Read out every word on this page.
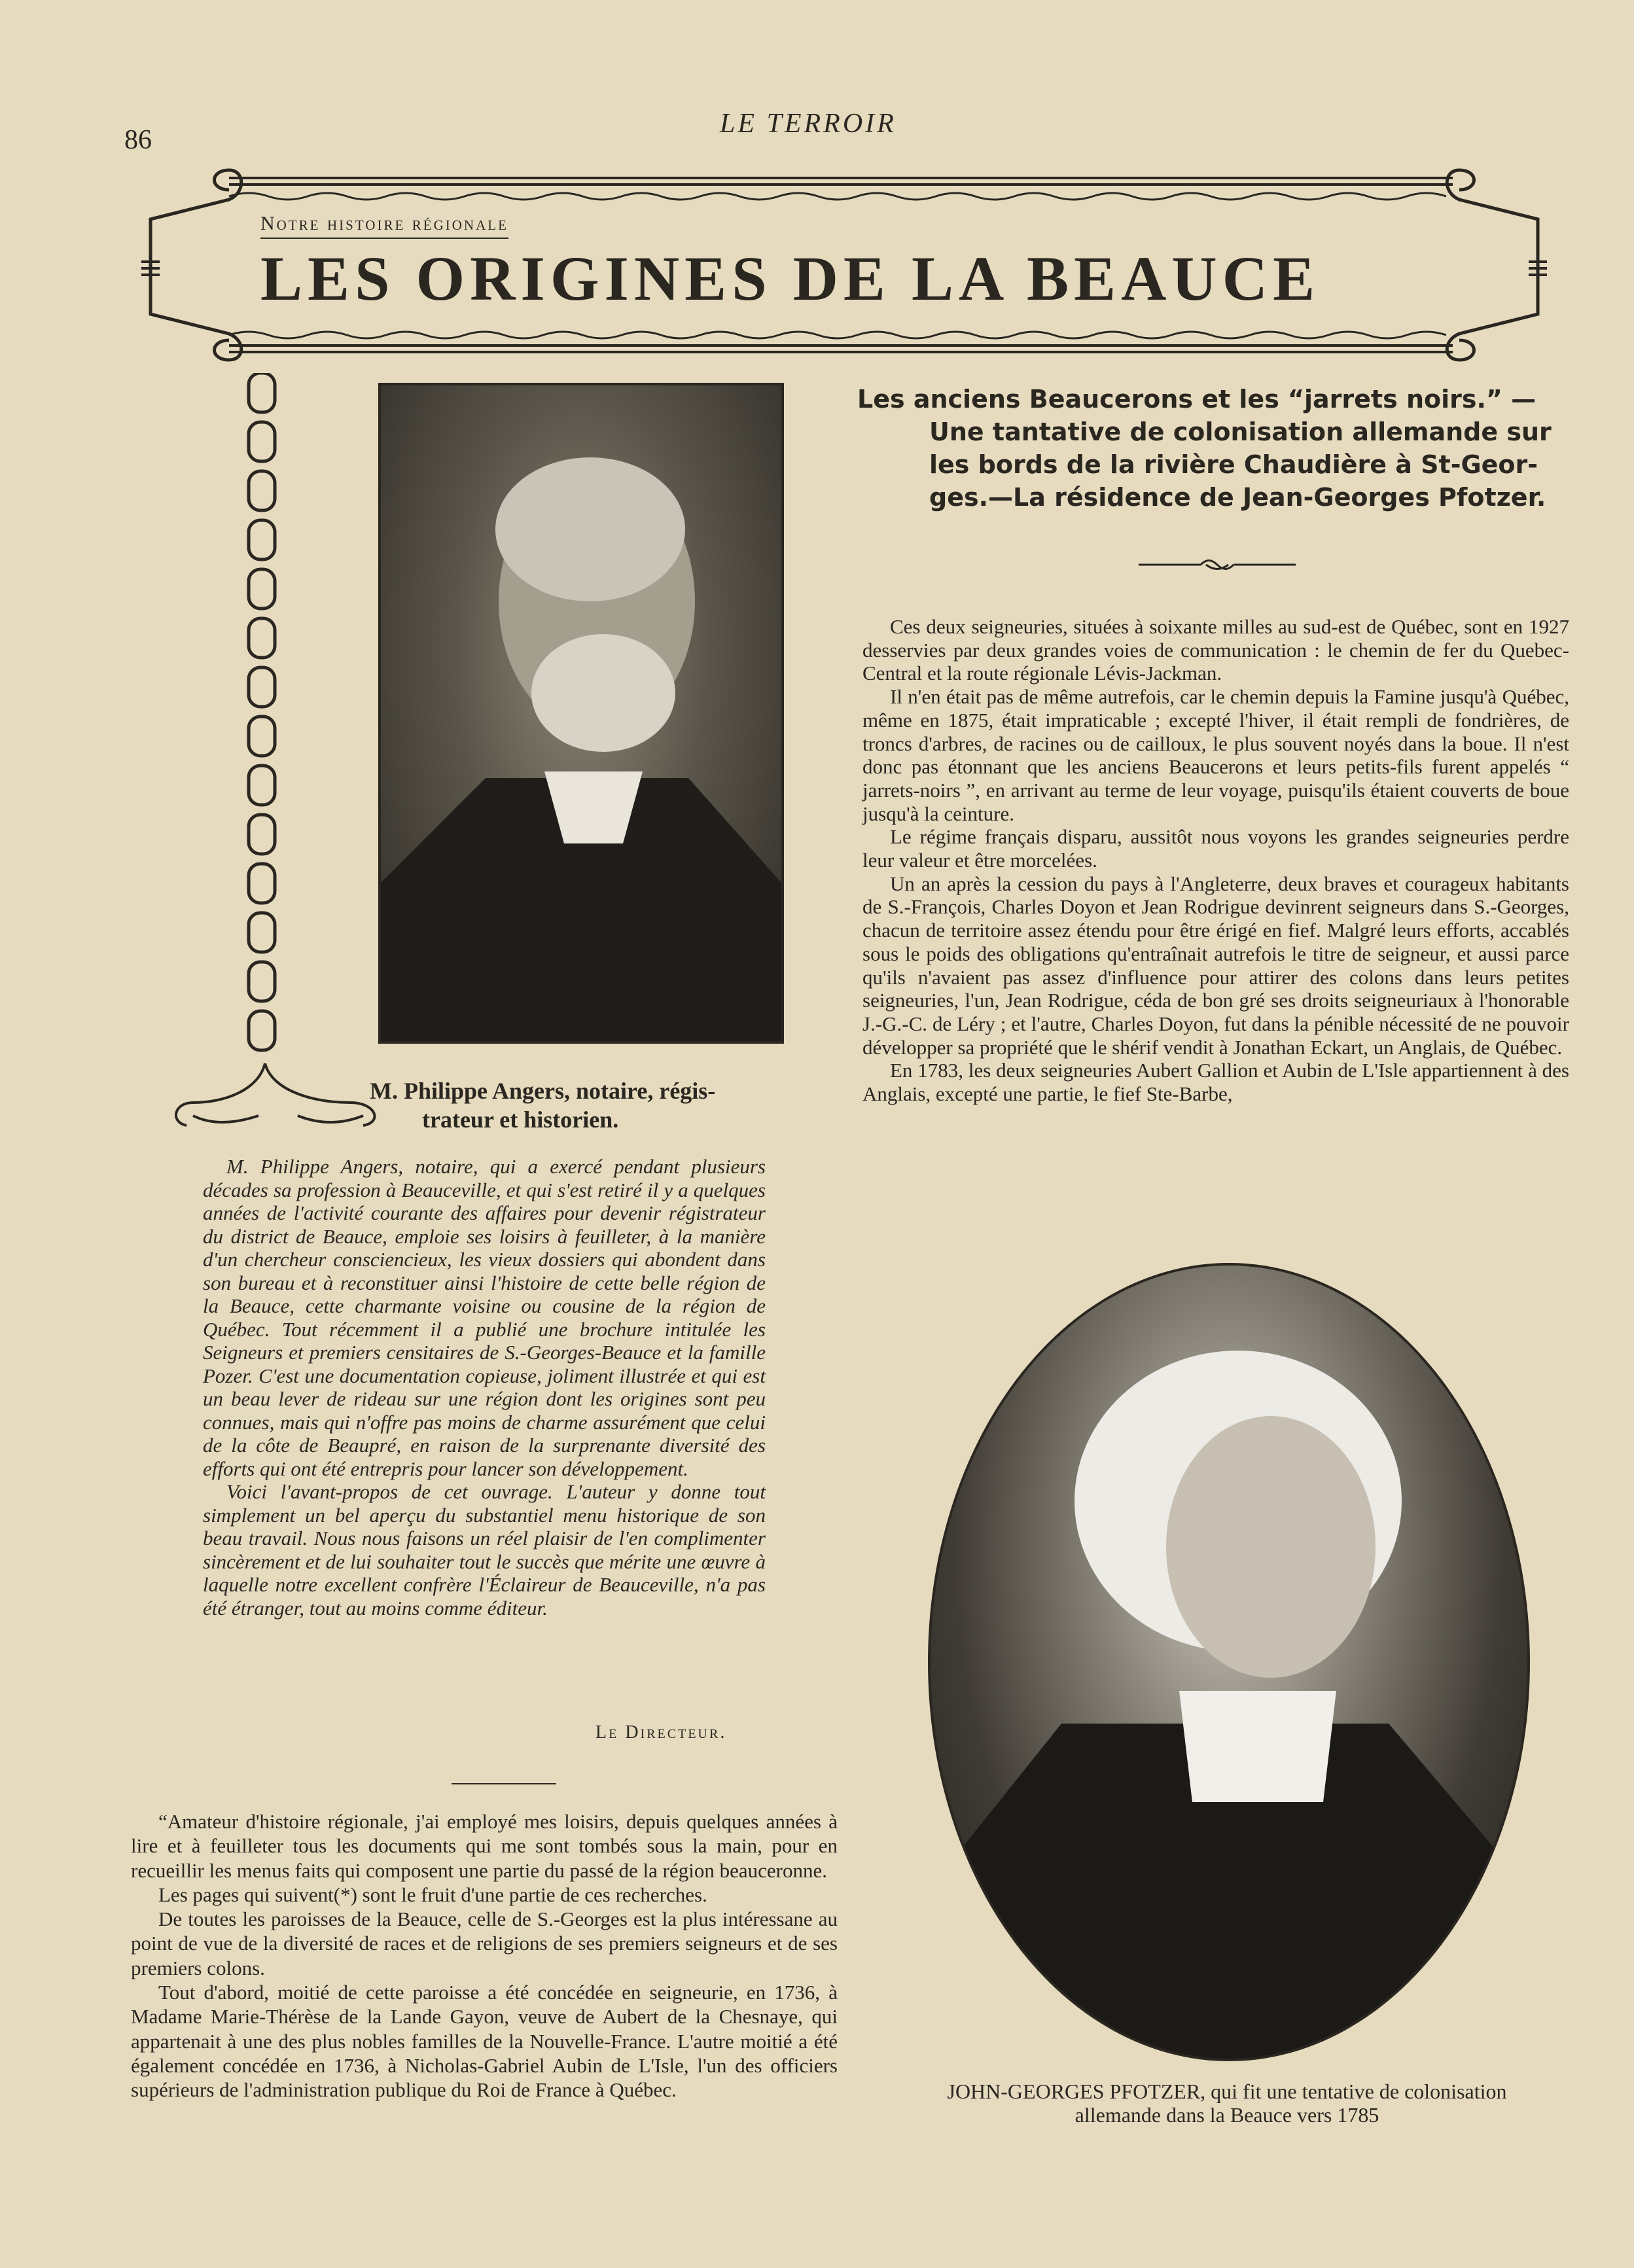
86
LE TERROIR
Notre histoire régionale
LES ORIGINES DE LA BEAUCE
M. Philippe Angers, notaire, régis-
trateur et historien.

M. Philippe Angers, notaire, qui a exercé pendant plusieurs décades sa profession à Beauceville, et qui s'est retiré il y a quelques années de l'activité courante des affaires pour devenir régistrateur du district de Beauce, emploie ses loisirs à feuilleter, à la manière d'un chercheur consciencieux, les vieux dossiers qui abondent dans son bureau et à reconstituer ainsi l'histoire de cette belle région de la Beauce, cette charmante voisine ou cousine de la région de Québec. Tout récemment il a publié une brochure intitulée les Seigneurs et premiers censitaires de S.-Georges-Beauce et la famille Pozer. C'est une documentation copieuse, joliment illustrée et qui est un beau lever de rideau sur une région dont les origines sont peu connues, mais qui n'offre pas moins de charme assurément que celui de la côte de Beaupré, en raison de la surprenante diversité des efforts qui ont été entrepris pour lancer son développement.

Voici l'avant-propos de cet ouvrage. L'auteur y donne tout simplement un bel aperçu du substantiel menu historique de son beau travail. Nous nous faisons un réel plaisir de l'en complimenter sincèrement et de lui souhaiter tout le succès que mérite une œuvre à laquelle notre excellent confrère l'Éclaireur de Beauceville, n'a pas été étranger, tout au moins comme éditeur.

Le Directeur.

“Amateur d'histoire régionale, j'ai employé mes loisirs, depuis quelques années à lire et à feuilleter tous les documents qui me sont tombés sous la main, pour en recueillir les menus faits qui composent une partie du passé de la région beauceronne.

Les pages qui suivent(*) sont le fruit d'une partie de ces recherches.

De toutes les paroisses de la Beauce, celle de S.-Georges est la plus intéressane au point de vue de la diversité de races et de religions de ses premiers seigneurs et de ses premiers colons.

Tout d'abord, moitié de cette paroisse a été concédée en seigneurie, en 1736, à Madame Marie-Thérèse de la Lande Gayon, veuve de Aubert de la Chesnaye, qui appartenait à une des plus nobles familles de la Nouvelle-France. L'autre moitié a été également concédée en 1736, à Nicholas-Gabriel Aubin de L'Isle, l'un des officiers supérieurs de l'administration publique du Roi de France à Québec.

Les anciens Beaucerons et les “jarrets noirs.” —

Une tantative de colonisation allemande sur

les bords de la rivière Chaudière à St-Geor-

ges.—La résidence de Jean-Georges Pfotzer.

Ces deux seigneuries, situées à soixante milles au sud-est de Québec, sont en 1927 desservies par deux grandes voies de communication : le chemin de fer du Quebec-Central et la route régionale Lévis-Jackman.

Il n'en était pas de même autrefois, car le chemin depuis la Famine jusqu'à Québec, même en 1875, était impraticable ; excepté l'hiver, il était rempli de fondrières, de troncs d'arbres, de racines ou de cailloux, le plus souvent noyés dans la boue. Il n'est donc pas étonnant que les anciens Beaucerons et leurs petits-fils furent appelés “ jarrets-noirs ”, en arrivant au terme de leur voyage, puisqu'ils étaient couverts de boue jusqu'à la ceinture.

Le régime français disparu, aussitôt nous voyons les grandes seigneuries perdre leur valeur et être morcelées.

Un an après la cession du pays à l'Angleterre, deux braves et courageux habitants de S.-François, Charles Doyon et Jean Rodrigue devinrent seigneurs dans S.-Georges, chacun de territoire assez étendu pour être érigé en fief. Malgré leurs efforts, accablés sous le poids des obligations qu'entraînait autrefois le titre de seigneur, et aussi parce qu'ils n'avaient pas assez d'influence pour attirer des colons dans leurs petites seigneuries, l'un, Jean Rodrigue, céda de bon gré ses droits seigneuriaux à l'honorable J.-G.-C. de Léry ; et l'autre, Charles Doyon, fut dans la pénible nécessité de ne pouvoir développer sa propriété que le shérif vendit à Jonathan Eckart, un Anglais, de Québec.

En 1783, les deux seigneuries Aubert Gallion et Aubin de L'Isle appartiennent à des Anglais, excepté une partie, le fief Ste-Barbe,

JOHN-GEORGES PFOTZER, qui fit une tentative de colonisation
allemande dans la Beauce vers 1785
